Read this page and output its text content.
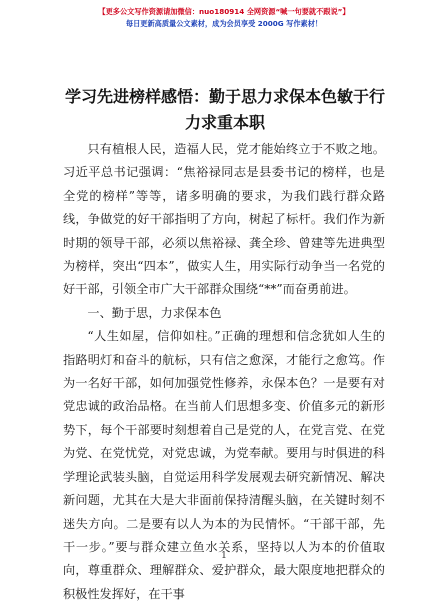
【更多公文写作资源请加微信：nuo180914 全网资源“喊一句要就不跟说”】
每日更新高质量公文素材，成为会员享受 2000G 写作素材！
学习先进榜样感悟：勤于思力求保本色敏于行力求重本职

只有植根人民，造福人民，党才能始终立于不败之地。习近平总书记强调：“焦裕禄同志是县委书记的榜样，也是全党的榜样”等等，诸多明确的要求，为我们践行群众路线，争做党的好干部指明了方向，树起了标杆。我们作为新时期的领导干部，必须以焦裕禄、龚全珍、曾建等先进典型为榜样，突出“四本”，做实人生，用实际行动争当一名党的好干部，引领全市广大干部群众围绕“**”而奋勇前进。

一、勤于思，力求保本色

“人生如屋，信仰如柱。”正确的理想和信念犹如人生的指路明灯和奋斗的航标，只有信之愈深，才能行之愈笃。作为一名好干部，如何加强党性修养，永保本色？一是要有对党忠诚的政治品格。在当前人们思想多变、价值多元的新形势下，每个干部要时刻想着自己是党的人，在党言党、在党为党、在党忧党，对党忠诚，为党奉献。要用与时俱进的科学理论武装头脑，自觉运用科学发展观去研究新情况、解决新问题，尤其在大是大非面前保持清醒头脑，在关键时刻不迷失方向。二是要有以人为本的为民情怀。“干部干部，先干一步。”要与群众建立鱼水关系，坚持以人为本的价值取向，尊重群众、理解群众、爱护群众，最大限度地把群众的积极性发挥好，在干事

1
